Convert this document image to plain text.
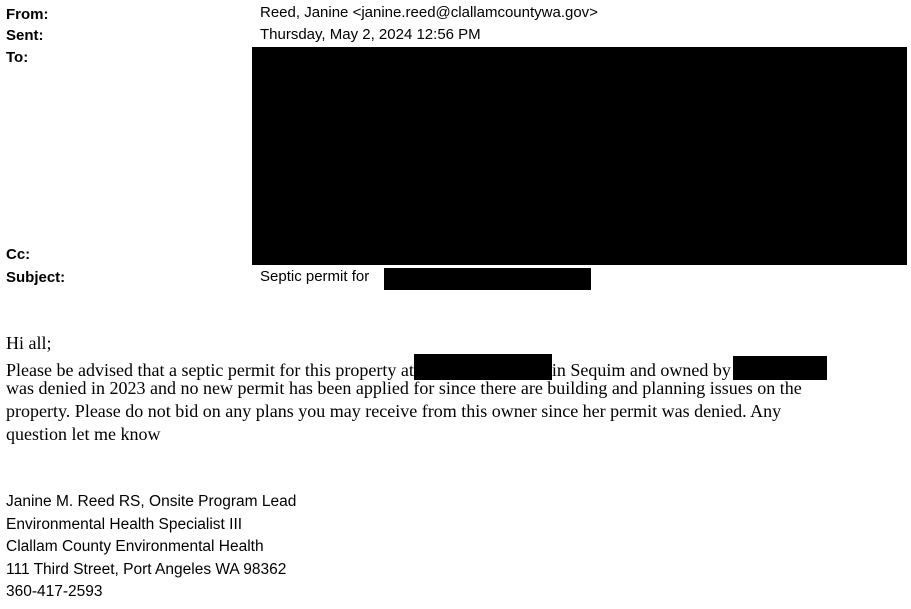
From:	Reed, Janine <janine.reed@clallamcountywa.gov>
Sent:	Thursday, May 2, 2024 12:56 PM
To:
Cc:
Subject:	Septic permit for
Hi all;
Please be advised that a septic permit for this property at	in Sequim and owned by
was denied in 2023 and no new permit has been applied for since there are building and planning issues on the
property. Please do not bid on any plans you may receive from this owner since her permit was denied. Any
question let me know
Janine M. Reed RS, Onsite Program Lead
Environmental Health Specialist III
Clallam County Environmental Health
111 Third Street, Port Angeles WA 98362
360-417-2593
